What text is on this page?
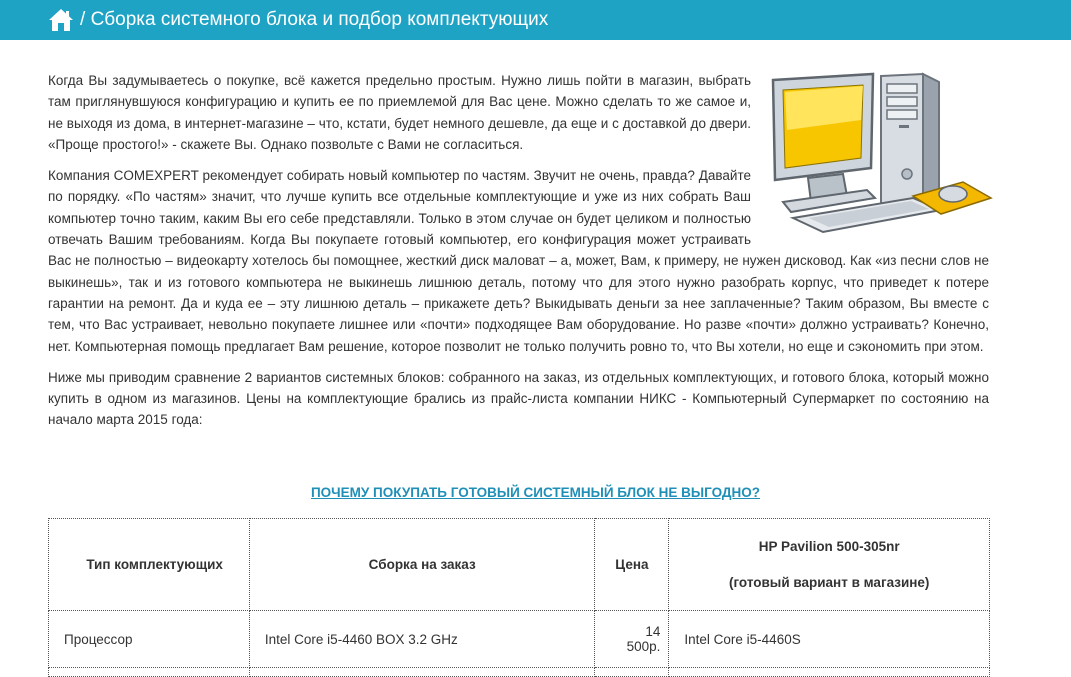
/ Сборка системного блока и подбор комплектующих

Когда Вы задумываетесь о покупке, всё кажется предельно простым. Нужно лишь пойти в магазин, выбрать там приглянувшуюся конфигурацию и купить ее по приемлемой для Вас цене. Можно сделать то же самое и, не выходя из дома, в интернет-магазине – что, кстати, будет немного дешевле, да еще и с доставкой до двери. «Проще простого!» - скажете Вы. Однако позвольте с Вами не согласиться.

Компания COMEXPERT рекомендует собирать новый компьютер по частям. Звучит не очень, правда? Давайте по порядку. «По частям» значит, что лучше купить все отдельные комплектующие и уже из них собрать Ваш компьютер точно таким, каким Вы его себе представляли. Только в этом случае он будет целиком и полностью отвечать Вашим требованиям. Когда Вы покупаете готовый компьютер, его конфигурация может устраивать Вас не полностью – видеокарту хотелось бы помощнее, жесткий диск маловат – а, может, Вам, к примеру, не нужен дисковод. Как «из песни слов не выкинешь», так и из готового компьютера не выкинешь лишнюю деталь, потому что для этого нужно разобрать корпус, что приведет к потере гарантии на ремонт. Да и куда ее – эту лишнюю деталь – прикажете деть? Выкидывать деньги за нее заплаченные? Таким образом, Вы вместе с тем, что Вас устраивает, невольно покупаете лишнее или «почти» подходящее Вам оборудование. Но разве «почти» должно устраивать? Конечно, нет. Компьютерная помощь предлагает Вам решение, которое позволит не только получить ровно то, что Вы хотели, но еще и сэкономить при этом.

Ниже мы приводим сравнение 2 вариантов системных блоков: собранного на заказ, из отдельных комплектующих, и готового блока, который можно купить в одном из магазинов. Цены на комплектующие брались из прайс-листа компании НИКС - Компьютерный Супермаркет по состоянию на начало марта 2015 года:

ПОЧЕМУ ПОКУПАТЬ ГОТОВЫЙ СИСТЕМНЫЙ БЛОК НЕ ВЫГОДНО?
Тип комплектующих	Сборка на заказ	Цена	HP Pavilion 500-305nr
(готовый вариант в магазине)

Процессор	Intel Core i5-4460 BOX 3.2 GHz	14 500р.	Intel Core i5-4460S
